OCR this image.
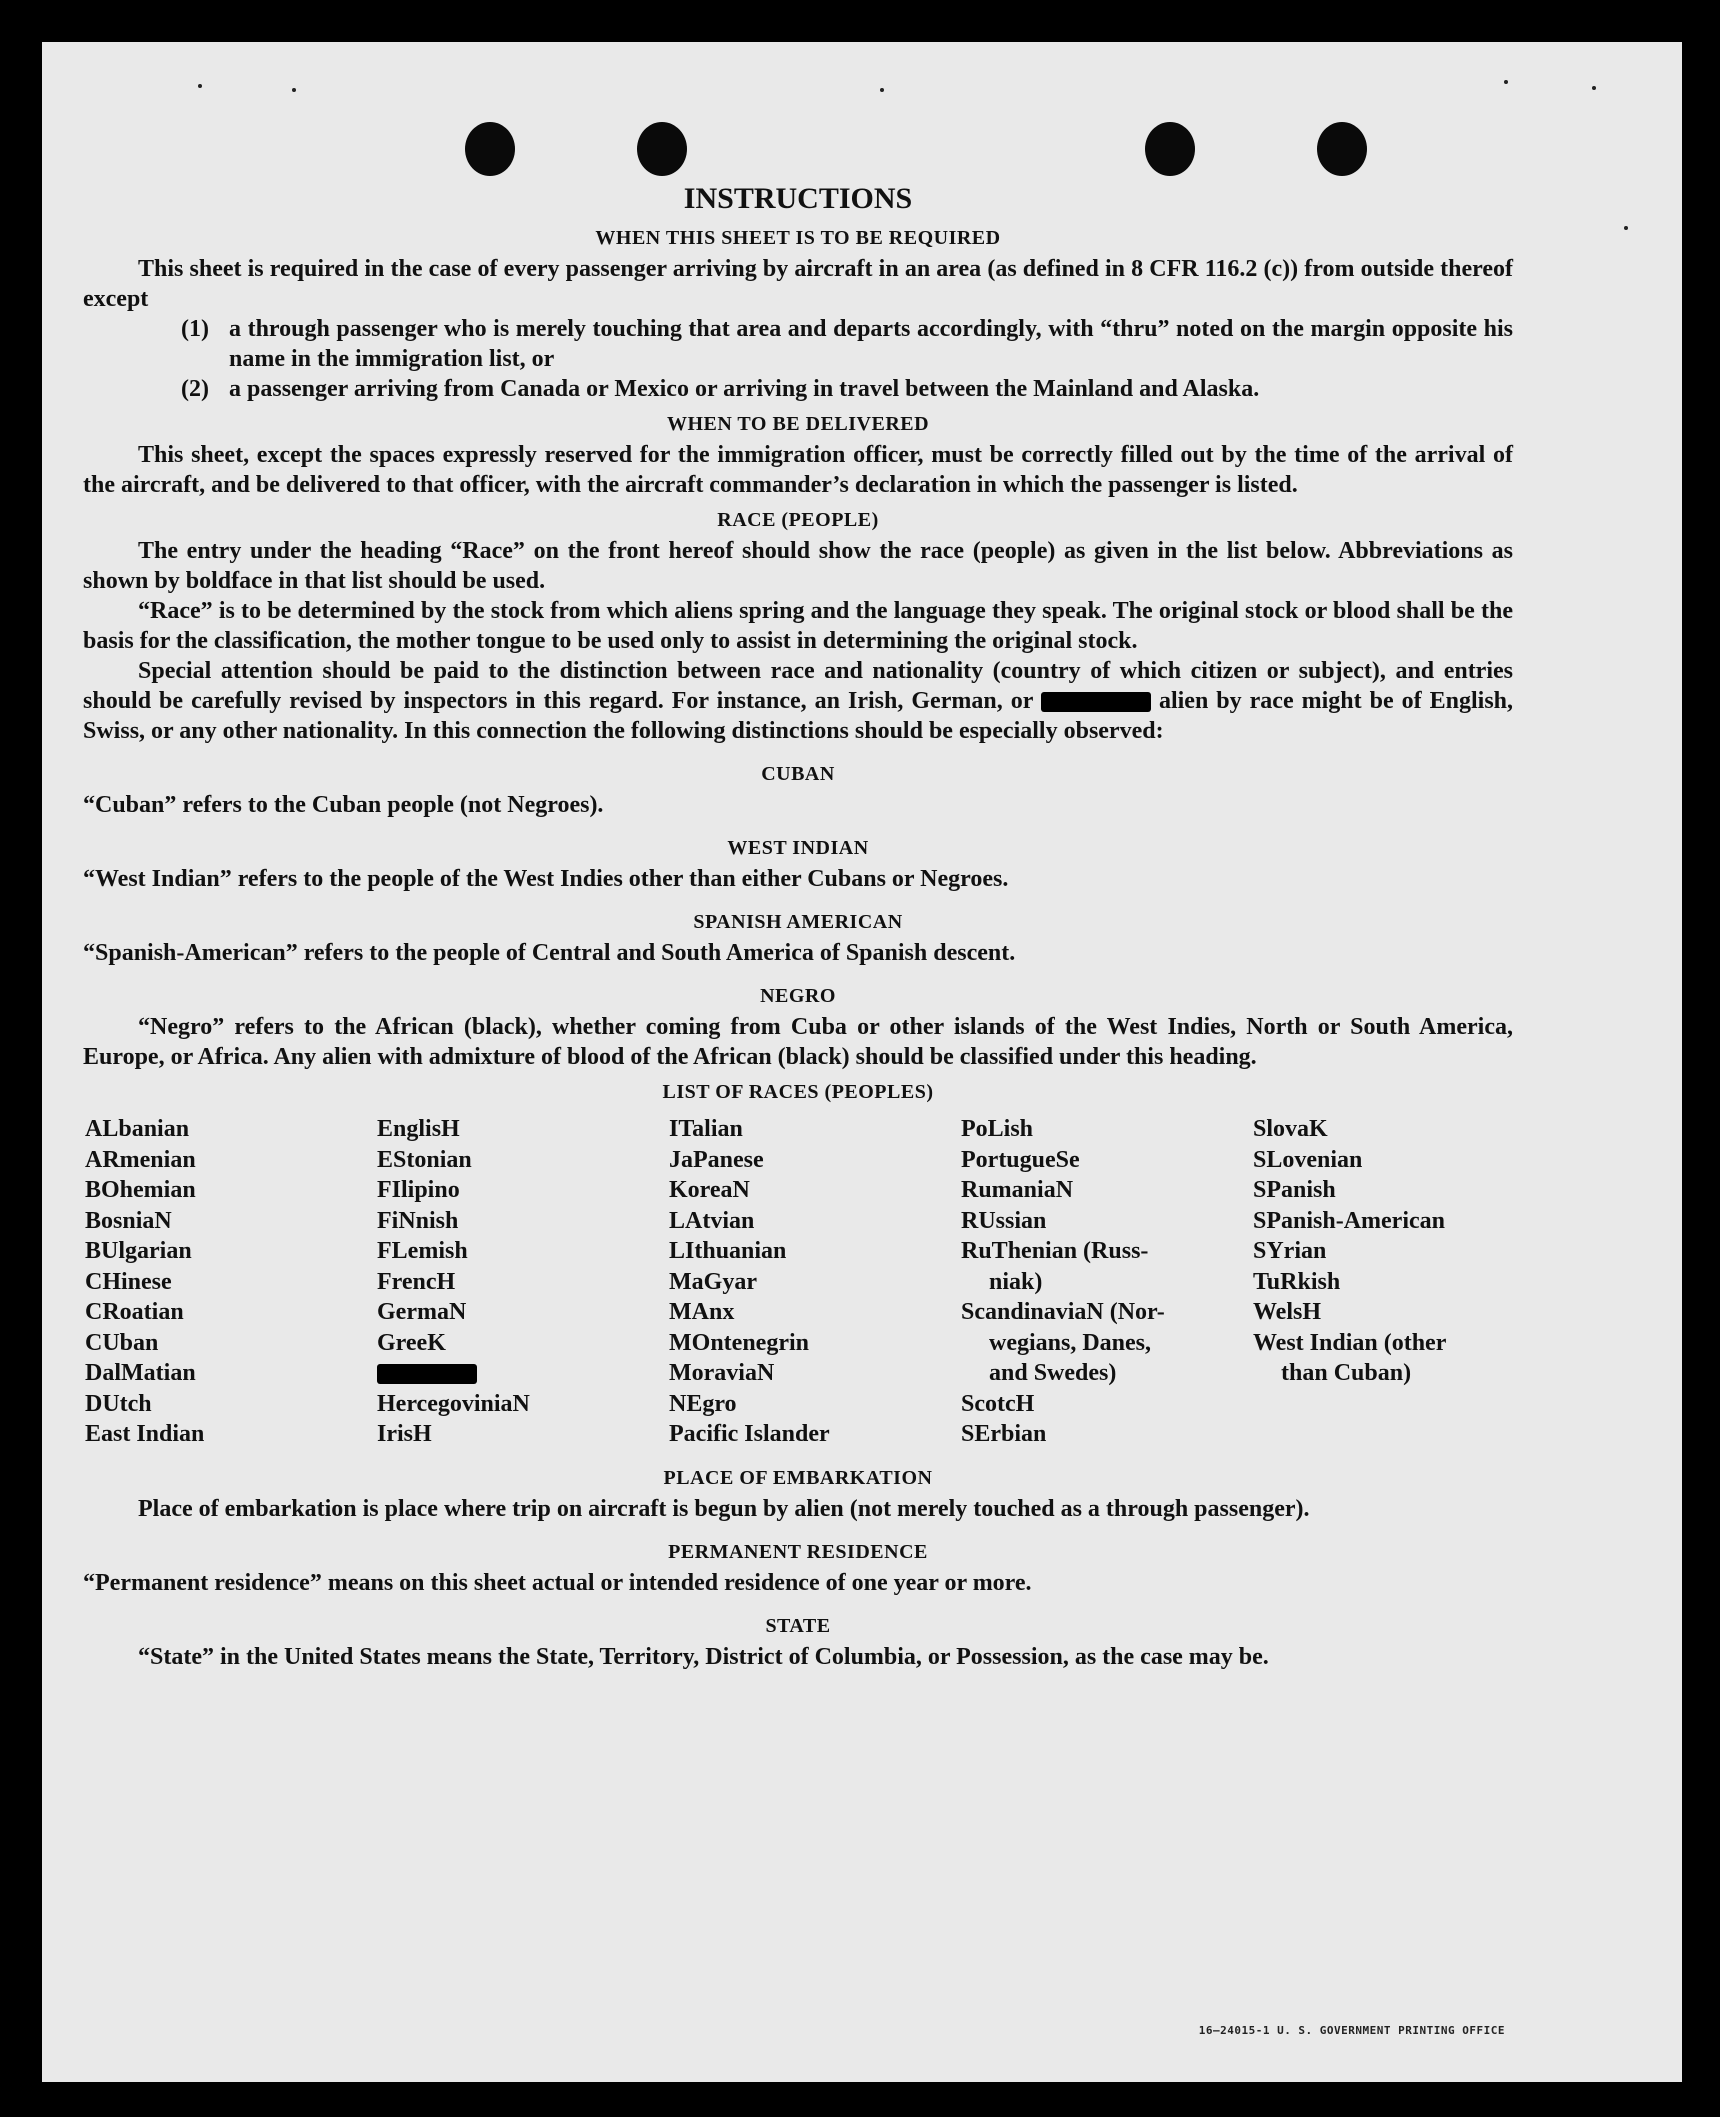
INSTRUCTIONS
WHEN THIS SHEET IS TO BE REQUIRED

This sheet is required in the case of every passenger arriving by aircraft in an area (as defined in 8 CFR 116.2 (c)) from outside thereof except

(1) a through passenger who is merely touching that area and departs accordingly, with “thru” noted on the margin opposite his name in the immigration list, or
(2) a passenger arriving from Canada or Mexico or arriving in travel between the Mainland and Alaska.
WHEN TO BE DELIVERED

This sheet, except the spaces expressly reserved for the immigration officer, must be correctly filled out by the time of the arrival of the aircraft, and be delivered to that officer, with the aircraft commander’s declaration in which the passenger is listed.

RACE (PEOPLE)

The entry under the heading “Race” on the front hereof should show the race (people) as given in the list below. Abbreviations as shown by boldface in that list should be used.

“Race” is to be determined by the stock from which aliens spring and the language they speak. The original stock or blood shall be the basis for the classification, the mother tongue to be used only to assist in determining the original stock.

Special attention should be paid to the distinction between race and nationality (country of which citizen or subject), and entries should be carefully revised by inspectors in this regard. For instance, an Irish, German, or	alien by race might be of English, Swiss, or any other nationality. In this connection the following distinctions should be especially observed:

CUBAN

“Cuban” refers to the Cuban people (not Negroes).

WEST INDIAN

“West Indian” refers to the people of the West Indies other than either Cubans or Negroes.

SPANISH AMERICAN

“Spanish-American” refers to the people of Central and South America of Spanish descent.

NEGRO

“Negro” refers to the African (black), whether coming from Cuba or other islands of the West Indies, North or South America, Europe, or Africa. Any alien with admixture of blood of the African (black) should be classified under this heading.

LIST OF RACES (PEOPLES)
ALbanian
ARmenian
BOhemian
BosniaN
BUlgarian
CHinese
CRoatian
CUban
DalMatian
DUtch
East Indian
EnglisH
EStonian
FIlipino
FiNnish
FLemish
FrencH
GermaN
GreeK
HercegoviniaN
IrisH
ITalian
JaPanese
KoreaN
LAtvian
LIthuanian
MaGyar
MAnx
MOntenegrin
MoraviaN
NEgro
Pacific Islander
PoLish
PortugueSe
RumaniaN
RUssian
RuThenian (Russ-
niak)
ScandinaviaN (Nor-
wegians, Danes,
and Swedes)
ScotcH
SErbian
SlovaK
SLovenian
SPanish
SPanish-American
SYrian
TuRkish
WelsH
West Indian (other
than Cuban)
PLACE OF EMBARKATION

Place of embarkation is place where trip on aircraft is begun by alien (not merely touched as a through passenger).

PERMANENT RESIDENCE

“Permanent residence” means on this sheet actual or intended residence of one year or more.

STATE

“State” in the United States means the State, Territory, District of Columbia, or Possession, as the case may be.

16—24015-1 U. S. GOVERNMENT PRINTING OFFICE
